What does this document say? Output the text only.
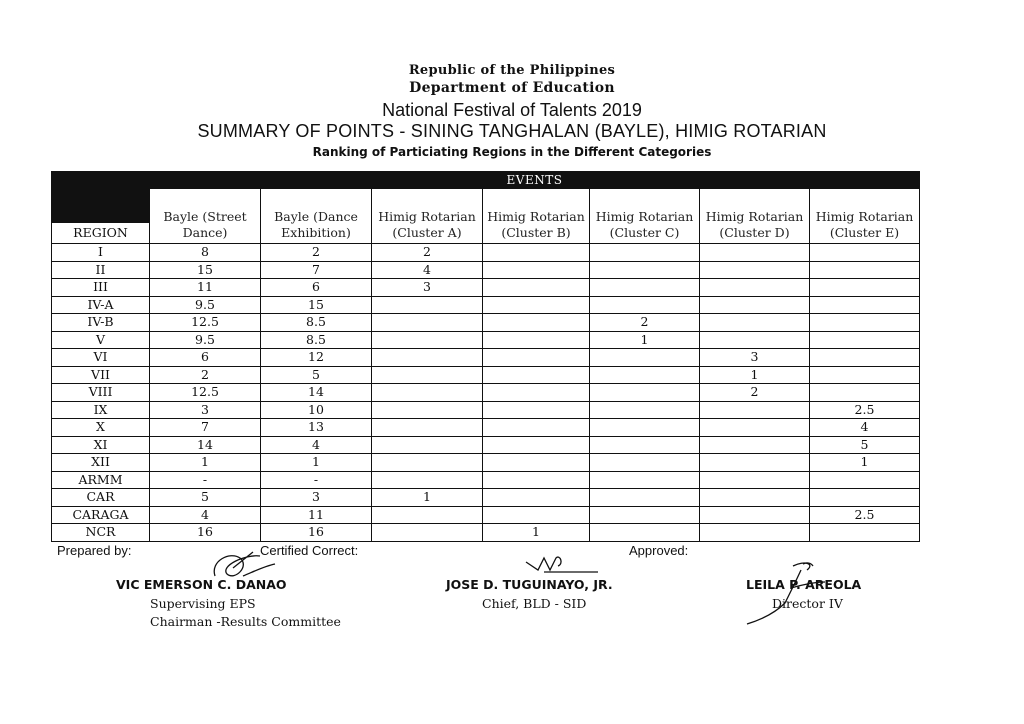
Republic of the Philippines
Department of Education
National Festival of Talents 2019
SUMMARY OF POINTS - SINING TANGHALAN (BAYLE), HIMIG ROTARIAN
Ranking of Particiating Regions in the Different Categories
REGION	EVENTS						
	Bayle (Street Dance)	Bayle (Dance Exhibition)	Himig Rotarian (Cluster A)	Himig Rotarian (Cluster B)	Himig Rotarian (Cluster C)	Himig Rotarian (Cluster D)	Himig Rotarian (Cluster E)
I	8	2	2				
II	15	7	4				
III	11	6	3				
IV-A	9.5	15					
IV-B	12.5	8.5			2		
V	9.5	8.5			1		
VI	6	12				3	
VII	2	5				1	
VIII	12.5	14				2	
IX	3	10					2.5
X	7	13					4
XI	14	4					5
XII	1	1					1
ARMM	-	-					
CAR	5	3	1				
CARAGA	4	11					2.5
NCR	16	16		1			
Prepared by:	Certified Correct:	Approved:
VIC EMERSON C. DANAO
Supervising EPS
Chairman -Results Committee
JOSE D. TUGUINAYO, JR.
Chief, BLD - SID
LEILA P. AREOLA
Director IV
